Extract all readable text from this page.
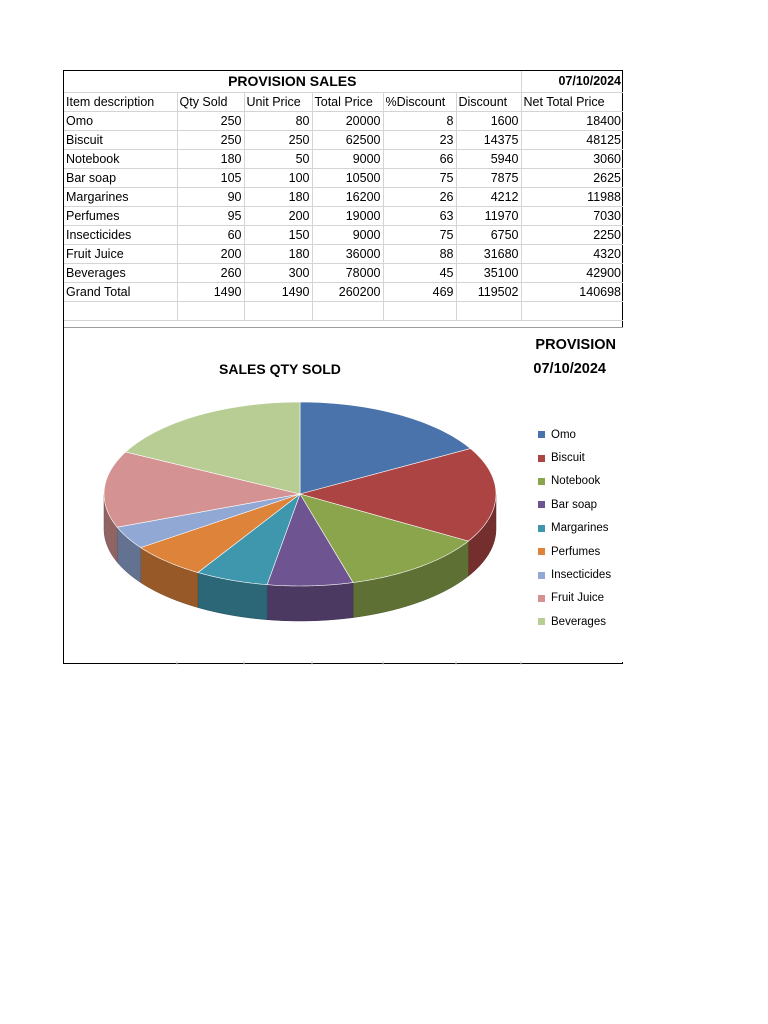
PROVISION SALES						07/10/2024
Item description	Qty Sold	Unit Price	Total Price	%Discount	Discount	Net Total Price
Omo	250	80	20000	8	1600	18400
Biscuit	250	250	62500	23	14375	48125
Notebook	180	50	9000	66	5940	3060
Bar soap	105	100	10500	75	7875	2625
Margarines	90	180	16200	26	4212	11988
Perfumes	95	200	19000	63	11970	7030
Insecticides	60	150	9000	75	6750	2250
Fruit Juice	200	180	36000	88	31680	4320
Beverages	260	300	78000	45	35100	42900
Grand Total	1490	1490	260200	469	119502	140698

SALES QTY SOLD
PROVISION
07/10/2024
Omo
Biscuit
Notebook
Bar soap
Margarines
Perfumes
Insecticides
Fruit Juice
Beverages
